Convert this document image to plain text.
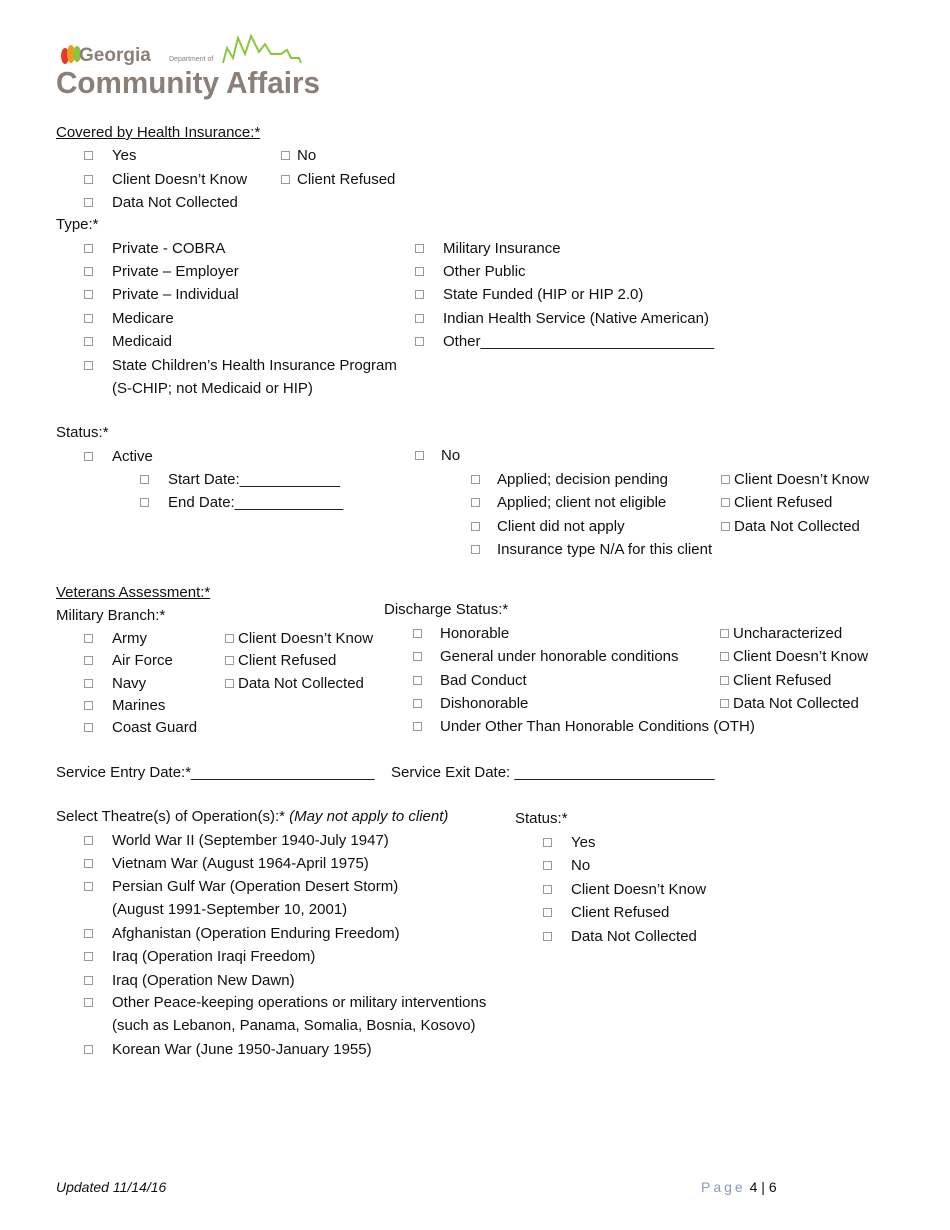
Georgia	Department of
Community Affairs
Covered by Health Insurance:*
Yes	No
Client Doesn’t Know	Client Refused
Data Not Collected
Type:*
Private - COBRA
Private – Employer
Private – Individual
Medicare
Medicaid
State Children’s Health Insurance Program
(S-CHIP; not Medicaid or HIP)
Military Insurance
Other Public
State Funded (HIP or HIP 2.0)
Indian Health Service (Native American)
Other____________________________
Status:*
Active
Start Date:____________
End Date:_____________
No
Applied; decision pending
Applied; client not eligible
Client did not apply
Insurance type N/A for this client
Client Doesn’t Know
Client Refused
Data Not Collected
Veterans Assessment:*
Military Branch:*	Discharge Status:*
Army
Air Force
Navy
Marines
Coast Guard
Client Doesn’t Know
Client Refused
Data Not Collected
Honorable
General under honorable conditions
Bad Conduct
Dishonorable
Under Other Than Honorable Conditions (OTH)
Uncharacterized
Client Doesn’t Know
Client Refused
Data Not Collected
Service Entry Date:*______________________ Service Exit Date: ________________________
Select Theatre(s) of Operation(s):* (May not apply to client)
World War II (September 1940-July 1947)
Vietnam War (August 1964-April 1975)
Persian Gulf War (Operation Desert Storm)
(August 1991-September 10, 2001)
Afghanistan (Operation Enduring Freedom)
Iraq (Operation Iraqi Freedom)
Iraq (Operation New Dawn)
Other Peace-keeping operations or military interventions
(such as Lebanon, Panama, Somalia, Bosnia, Kosovo)
Korean War (June 1950-January 1955)
Status:*
Yes
No
Client Doesn’t Know
Client Refused
Data Not Collected
Updated 11/14/16	Page 4 | 6
